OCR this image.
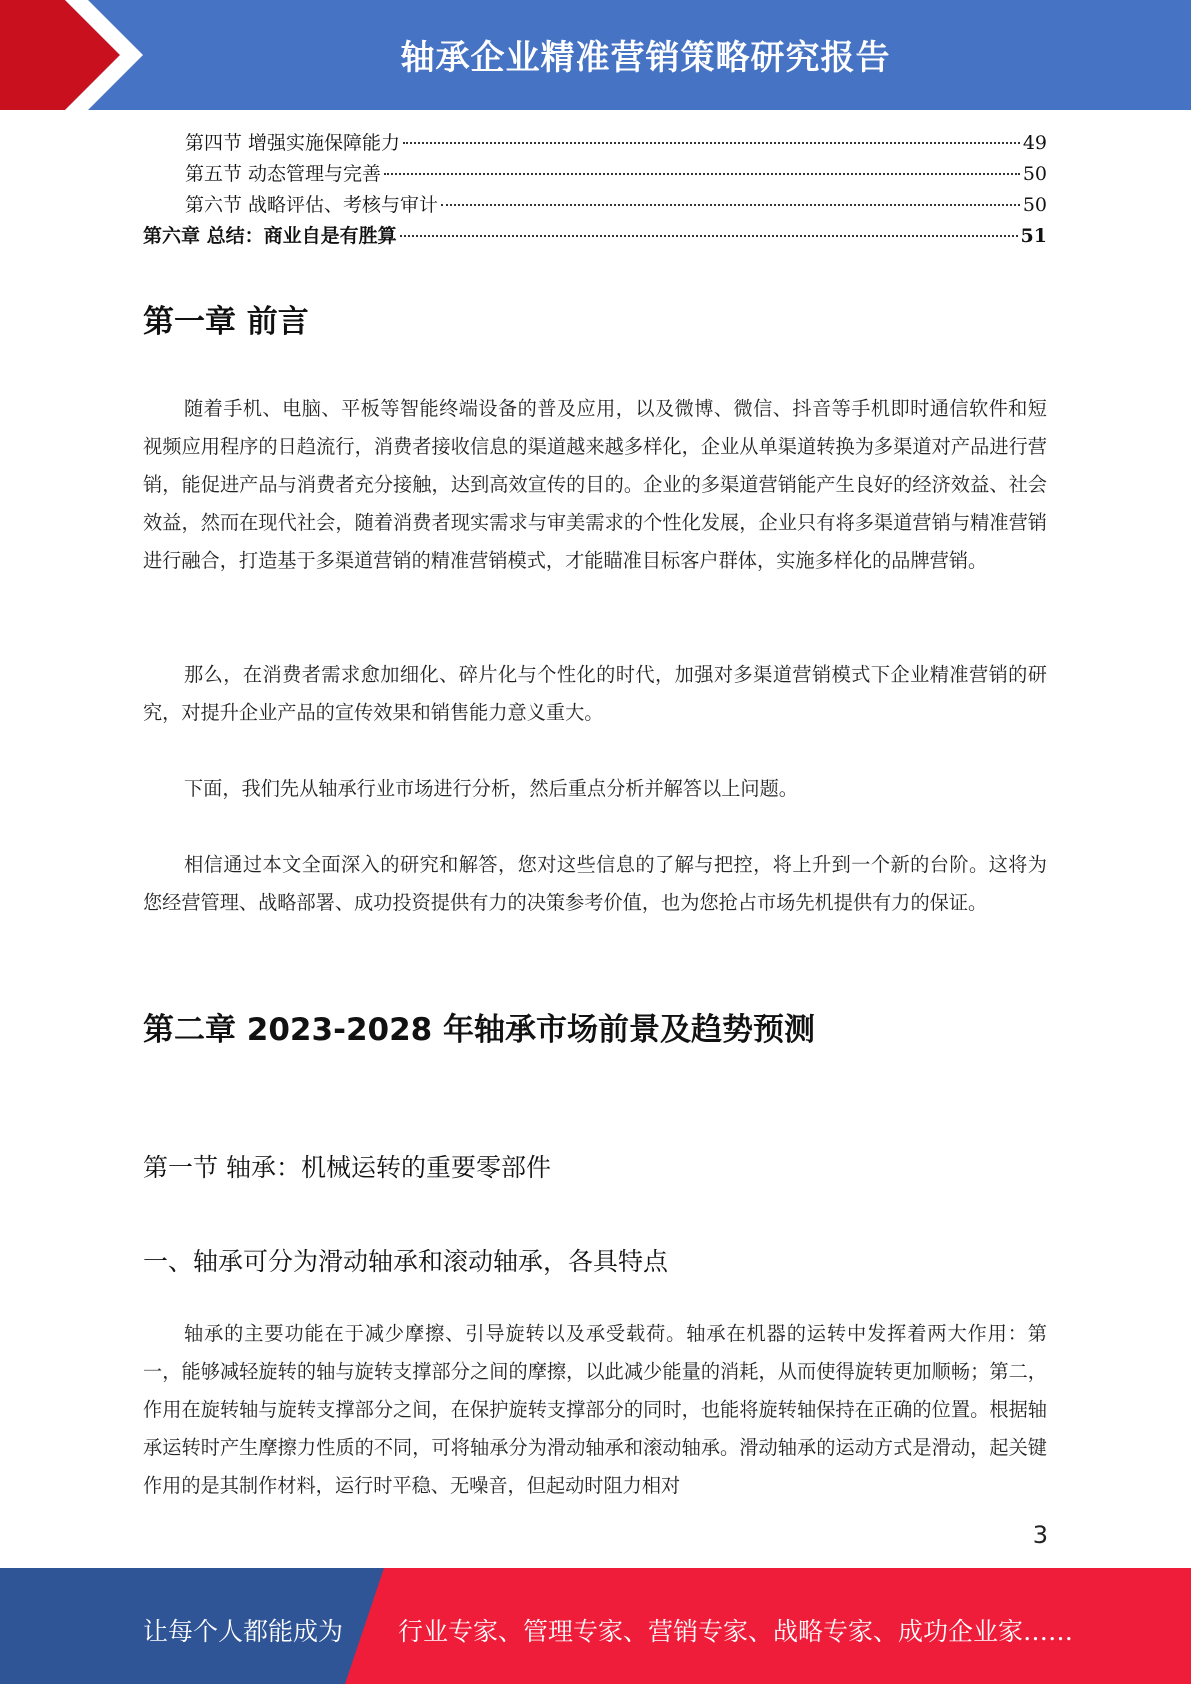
轴承企业精准营销策略研究报告
第四节 增强实施保障能力	49
第五节 动态管理与完善	50
第六节 战略评估、考核与审计	50
第六章 总结：商业自是有胜算	51
第一章 前言

随着手机、电脑、平板等智能终端设备的普及应用，以及微博、微信、抖音等手机即时通信软件和短视频应用程序的日趋流行，消费者接收信息的渠道越来越多样化，企业从单渠道转换为多渠道对产品进行营销，能促进产品与消费者充分接触，达到高效宣传的目的。企业的多渠道营销能产生良好的经济效益、社会效益，然而在现代社会，随着消费者现实需求与审美需求的个性化发展，企业只有将多渠道营销与精准营销进行融合，打造基于多渠道营销的精准营销模式，才能瞄准目标客户群体，实施多样化的品牌营销。

那么，在消费者需求愈加细化、碎片化与个性化的时代，加强对多渠道营销模式下企业精准营销的研究，对提升企业产品的宣传效果和销售能力意义重大。

下面，我们先从轴承行业市场进行分析，然后重点分析并解答以上问题。

相信通过本文全面深入的研究和解答，您对这些信息的了解与把控，将上升到一个新的台阶。这将为您经营管理、战略部署、成功投资提供有力的决策参考价值，也为您抢占市场先机提供有力的保证。

第二章 2023-2028 年轴承市场前景及趋势预测
第一节 轴承：机械运转的重要零部件
一、轴承可分为滑动轴承和滚动轴承，各具特点

轴承的主要功能在于减少摩擦、引导旋转以及承受载荷。轴承在机器的运转中发挥着两大作用：第一，能够减轻旋转的轴与旋转支撑部分之间的摩擦，以此减少能量的消耗，从而使得旋转更加顺畅；第二，作用在旋转轴与旋转支撑部分之间，在保护旋转支撑部分的同时，也能将旋转轴保持在正确的位置。根据轴承运转时产生摩擦力性质的不同，可将轴承分为滑动轴承和滚动轴承。滑动轴承的运动方式是滑动，起关键作用的是其制作材料，运行时平稳、无噪音，但起动时阻力相对

3
让每个人都能成为 行业专家、管理专家、营销专家、战略专家、成功企业家……
